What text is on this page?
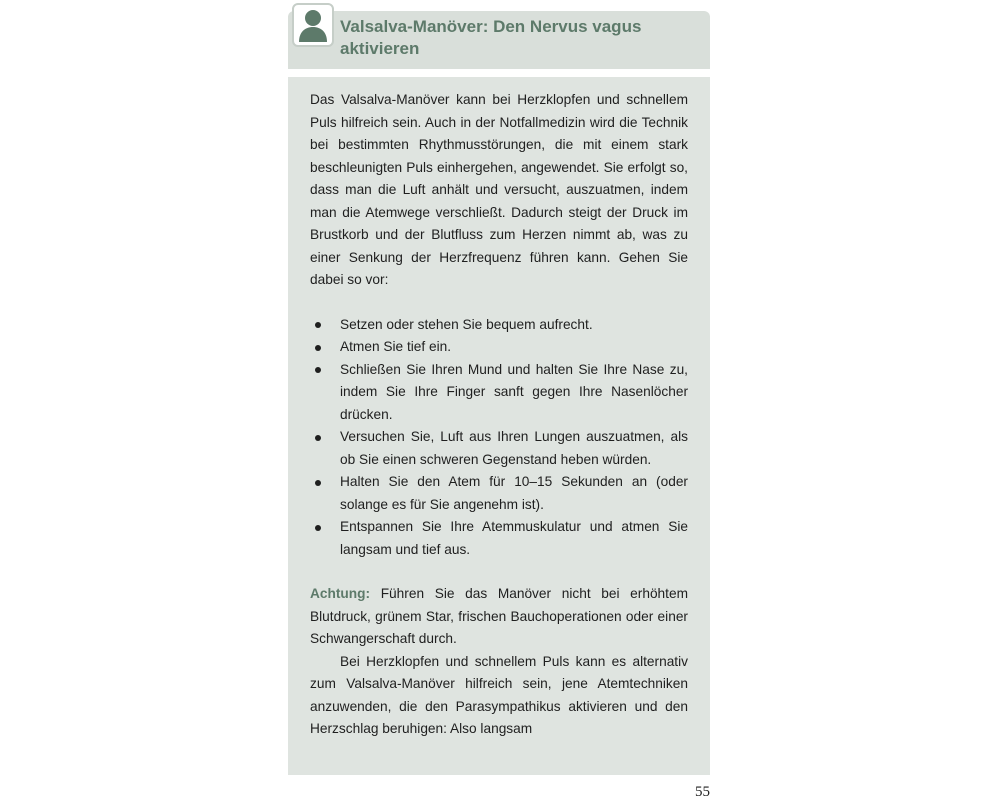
Valsalva-Manöver: Den Nervus vagus aktivieren

Das Valsalva-Manöver kann bei Herzklopfen und schnellem Puls hilfreich sein. Auch in der Notfallmedizin wird die Technik bei bestimmten Rhythmusstörungen, die mit einem stark beschleunigten Puls einhergehen, angewendet. Sie erfolgt so, dass man die Luft anhält und versucht, auszuatmen, indem man die Atemwege verschließt. Dadurch steigt der Druck im Brustkorb und der Blutfluss zum Herzen nimmt ab, was zu einer Senkung der Herzfrequenz führen kann. Gehen Sie dabei so vor:

Setzen oder stehen Sie bequem aufrecht.
Atmen Sie tief ein.
Schließen Sie Ihren Mund und halten Sie Ihre Nase zu, indem Sie Ihre Finger sanft gegen Ihre Nasenlöcher drücken.
Versuchen Sie, Luft aus Ihren Lungen auszuatmen, als ob Sie einen schweren Gegenstand heben würden.
Halten Sie den Atem für 10–15 Sekunden an (oder solange es für Sie angenehm ist).
Entspannen Sie Ihre Atemmuskulatur und atmen Sie langsam und tief aus.

Achtung: Führen Sie das Manöver nicht bei erhöhtem Blutdruck, grünem Star, frischen Bauchoperationen oder einer Schwangerschaft durch.

Bei Herzklopfen und schnellem Puls kann es alternativ zum Valsalva-Manöver hilfreich sein, jene Atemtechniken anzuwenden, die den Parasympathikus aktivieren und den Herzschlag beruhigen: Also langsam

55
